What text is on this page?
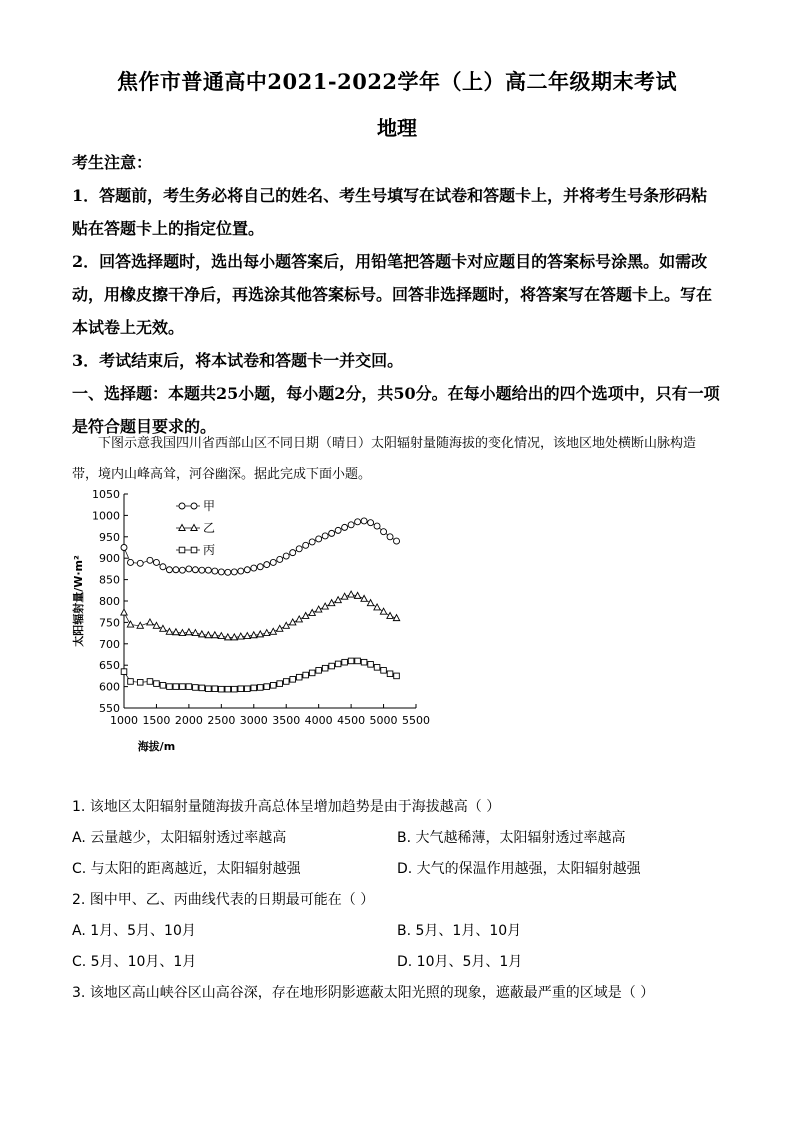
焦作市普通高中2021-2022学年（上）高二年级期末考试
地理

考生注意：

1．答题前，考生务必将自己的姓名、考生号填写在试卷和答题卡上，并将考生号条形码粘贴在答题卡上的指定位置。

2．回答选择题时，选出每小题答案后，用铅笔把答题卡对应题目的答案标号涂黑。如需改动，用橡皮擦干净后，再选涂其他答案标号。回答非选择题时，将答案写在答题卡上。写在本试卷上无效。

3．考试结束后，将本试卷和答题卡一并交回。

一、选择题：本题共25小题，每小题2分，共50分。在每小题给出的四个选项中，只有一项是符合题目要求的。

下图示意我国四川省西部山区不同日期（晴日）太阳辐射量随海拔的变化情况，该地区地处横断山脉构造带，境内山峰高耸，河谷幽深。据此完成下面小题。
550
600
650
700
750
800
850
900
950
1000
1050
1000 1500 2000 2500 3000 3500 4000 4500 5000 5500
海拔/m
太阳辐射量/W·m²
甲
乙
丙

1. 该地区太阳辐射量随海拔升高总体呈增加趋势是由于海拔越高（ ）

A. 云量越少，太阳辐射透过率越高	B. 大气越稀薄，太阳辐射透过率越高
C. 与太阳的距离越近，太阳辐射越强	D. 大气的保温作用越强，太阳辐射越强

2. 图中甲、乙、丙曲线代表的日期最可能在（ ）

A. 1月、5月、10月	B. 5月、1月、10月
C. 5月、10月、1月	D. 10月、5月、1月

3. 该地区高山峡谷区山高谷深，存在地形阴影遮蔽太阳光照的现象，遮蔽最严重的区域是（ ）
